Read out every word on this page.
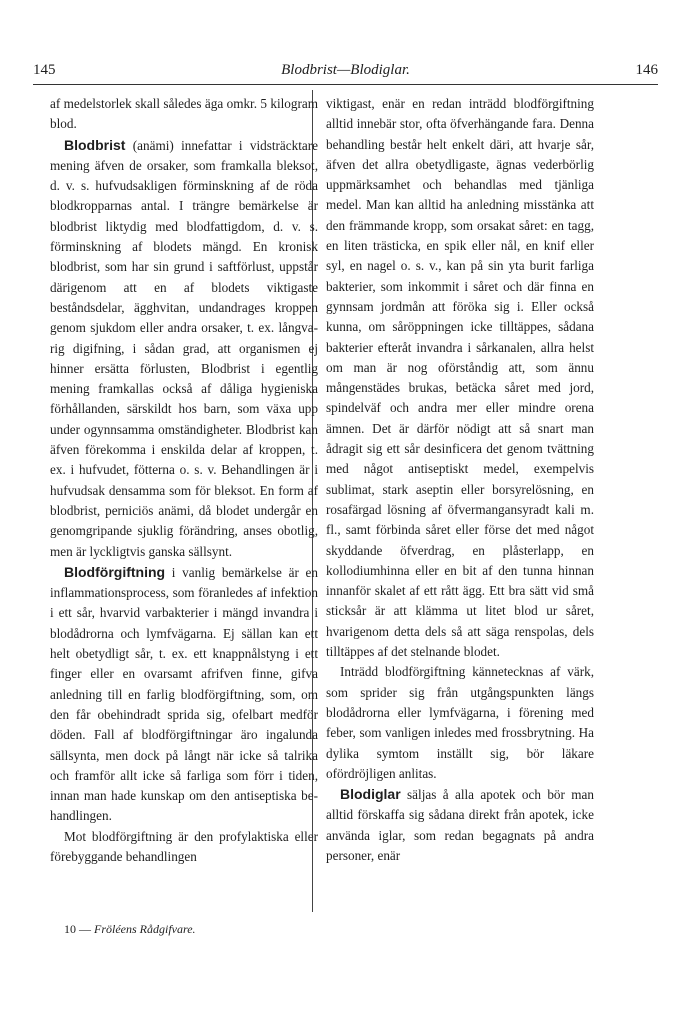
145	Blodbrist—Blodiglar.	146

af medelstorlek skall således äga omkr. 5 kilogram blod.

Blodbrist (anämi) innefattar i vidsträcktare mening äfven de orsaker, som framkalla bleksot, d. v. s. hufvudsakligen förminskning af de röda blodkropparnas antal. I trängre bemärkelse är blodbrist liktydig med blodfattigdom, d. v. s. förminskning af blodets mängd. En kronisk blodbrist, som har sin grund i saftförlust, uppstår därigenom att en af blodets viktigaste beståndsdelar, ägghvitan, undandrages kroppen genom sjukdom eller andra orsaker, t. ex. långvarig digifning, i sådan grad, att organismen ej hinner ersätta förlusten, Blodbrist i egentlig mening framkallas också af dåliga hygieniska förhållanden, särskildt hos barn, som växa upp under ogynnsamma omständigheter. Blodbrist kan äfven förekomma i enskilda delar af kroppen, t. ex. i hufvudet, fötterna o. s. v. Behandlingen är i hufvudsak densamma som för bleksot. En form af blodbrist, perniciös anämi, då blodet undergår en genomgripande sjuklig förändring, anses obotlig, men är lyckligtvis ganska sällsynt.

Blodförgiftning i vanlig bemärkelse är en inflammationsprocess, som föranledes af infektion i ett sår, hvarvid varbakterier i mängd invandra i blodådrorna och lymfvägarna. Ej sällan kan ett helt obetydligt sår, t. ex. ett knappnålstyng i ett finger eller en ovarsamt afrifven finne, gifva anledning till en farlig blodförgiftning, som, om den får obehindradt sprida sig, ofelbart medför döden. Fall af blodförgiftningar äro ingalunda sällsynta, men dock på långt när icke så talrika och framför allt icke så farliga som förr i tiden, innan man hade kunskap om den antiseptiska behandlingen.

Mot blodförgiftning är den profylaktiska eller förebyggande behandlingen

viktigast, enär en redan inträdd blodförgiftning alltid innebär stor, ofta öfverhängande fara. Denna behandling består helt enkelt däri, att hvarje sår, äfven det allra obetydligaste, ägnas vederbörlig uppmärksamhet och behandlas med tjänliga medel. Man kan alltid ha anledning misstänka att den främmande kropp, som orsakat såret: en tagg, en liten trästicka, en spik eller nål, en knif eller syl, en nagel o. s. v., kan på sin yta burit farliga bakterier, som inkommit i såret och där finna en gynnsam jordmån att föröka sig i. Eller också kunna, om såröppningen icke tilltäppes, sådana bakterier efteråt invandra i sårkanalen, allra helst om man är nog oförståndig att, som ännu mångenstädes brukas, betäcka såret med jord, spindelväf och andra mer eller mindre orena ämnen. Det är därför nödigt att så snart man ådragit sig ett sår desinficera det genom tvättning med något antiseptiskt medel, exempelvis sublimat, stark aseptin eller borsyrelösning, en rosafärgad lösning af öfvermangansyradt kali m. fl., samt förbinda såret eller förse det med något skyddande öfverdrag, en plåsterlapp, en kollodiumhinna eller en bit af den tunna hinnan innanför skalet af ett rått ägg. Ett bra sätt vid små sticksår är att klämma ut litet blod ur såret, hvarigenom detta dels så att säga renspolas, dels tilltäppes af det stelnande blodet.

Inträdd blodförgiftning kännetecknas af värk, som sprider sig från utgångspunkten längs blodådrorna eller lymfvägarna, i förening med feber, som vanligen inledes med frossbrytning. Ha dylika symtom inställt sig, bör läkare ofördröjligen anlitas.

Blodiglar säljas å alla apotek och bör man alltid förskaffa sig sådana direkt från apotek, icke använda iglar, som redan begagnats på andra personer, enär

10 — Fröléens Rådgifvare.
